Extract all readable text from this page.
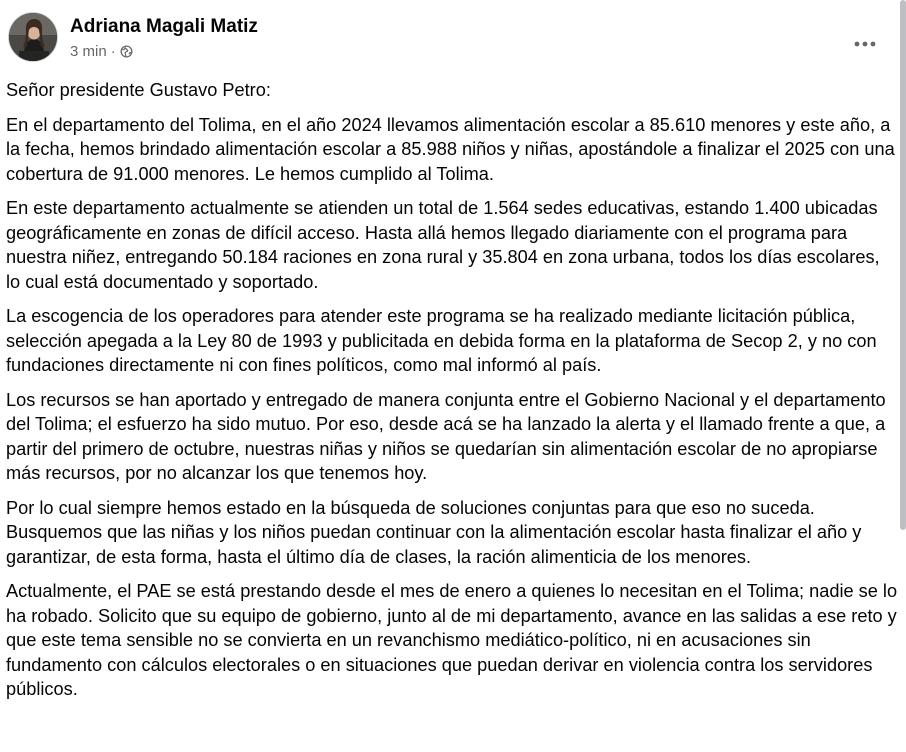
Adriana Magali Matiz
3 min ·

Señor presidente Gustavo Petro:

En el departamento del Tolima, en el año 2024 llevamos alimentación escolar a 85.610 menores y este año, a la fecha, hemos brindado alimentación escolar a 85.988 niños y niñas, apostándole a finalizar el 2025 con una cobertura de 91.000 menores. Le hemos cumplido al Tolima.

En este departamento actualmente se atienden un total de 1.564 sedes educativas, estando 1.400 ubicadas geográficamente en zonas de difícil acceso. Hasta allá hemos llegado diariamente con el programa para nuestra niñez, entregando 50.184 raciones en zona rural y 35.804 en zona urbana, todos los días escolares, lo cual está documentado y soportado.

La escogencia de los operadores para atender este programa se ha realizado mediante licitación pública, selección apegada a la Ley 80 de 1993 y publicitada en debida forma en la plataforma de Secop 2, y no con fundaciones directamente ni con fines políticos, como mal informó al país.

Los recursos se han aportado y entregado de manera conjunta entre el Gobierno Nacional y el departamento del Tolima; el esfuerzo ha sido mutuo. Por eso, desde acá se ha lanzado la alerta y el llamado frente a que, a partir del primero de octubre, nuestras niñas y niños se quedarían sin alimentación escolar de no apropiarse más recursos, por no alcanzar los que tenemos hoy.

Por lo cual siempre hemos estado en la búsqueda de soluciones conjuntas para que eso no suceda. Busquemos que las niñas y los niños puedan continuar con la alimentación escolar hasta finalizar el año y garantizar, de esta forma, hasta el último día de clases, la ración alimenticia de los menores.

Actualmente, el PAE se está prestando desde el mes de enero a quienes lo necesitan en el Tolima; nadie se lo ha robado. Solicito que su equipo de gobierno, junto al de mi departamento, avance en las salidas a ese reto y que este tema sensible no se convierta en un revanchismo mediático-político, ni en acusaciones sin fundamento con cálculos electorales o en situaciones que puedan derivar en violencia contra los servidores públicos.
